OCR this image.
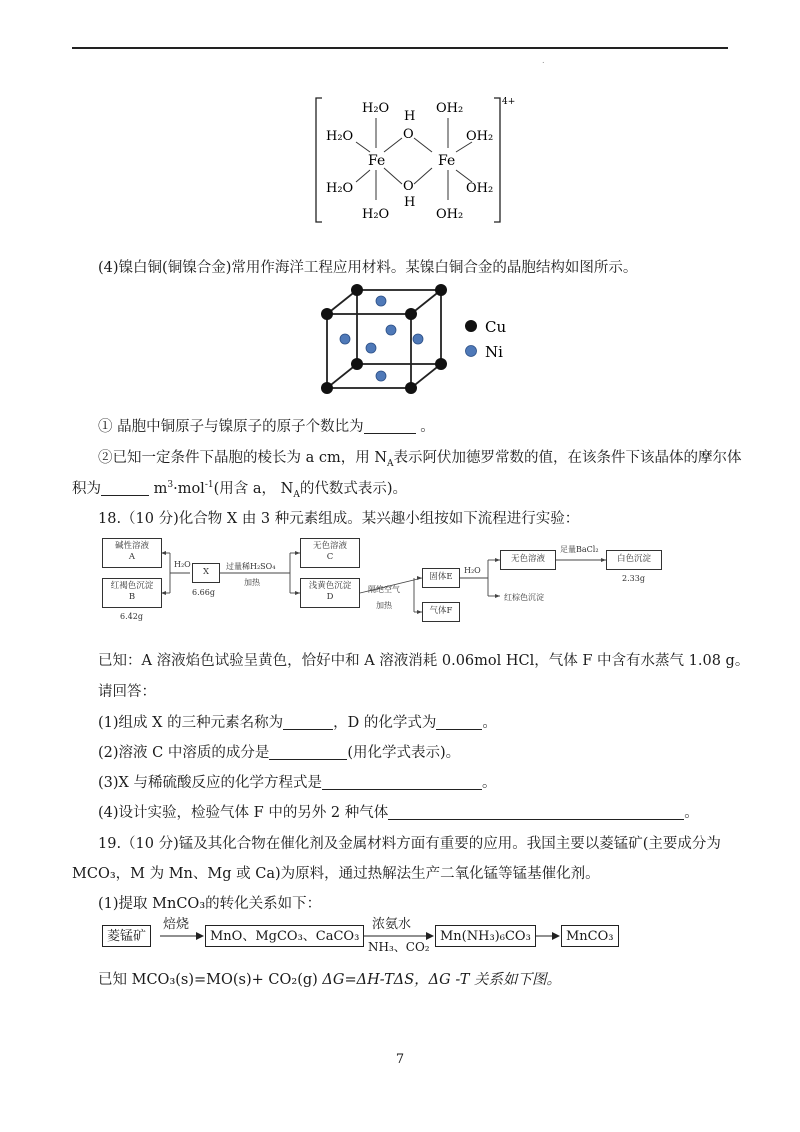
.
4+
H₂O
H₂O
H₂O
H₂O
Fe	Fe
H
O
O
H
OH₂
OH₂
OH₂
OH₂
(4)镍白铜(铜镍合金)常用作海洋工程应用材料。某镍白铜合金的晶胞结构如图所示。
Cu
Ni
① 晶胞中铜原子与镍原子的原子个数比为	。
②已知一定条件下晶胞的棱长为 a cm，用 $N_A$表示阿伏加德罗常数的值，在该条件下该晶体的摩尔体
积为	$m^3\cdot mol^{-1}$(用含 a， $N_A$的代数式表示)。
18.（10 分)化合物 X 由 3 种元素组成。某兴趣小组按如下流程进行实验：
碱性溶液
A
红褐色沉淀
B
6.42g
H₂O
X
6.66g
过量稀H₂SO₄
加热
无色溶液
C
浅黄色沉淀
D
隔绝空气
加热
固体E
气体F
H₂O
无色溶液
足量BaCl₂
白色沉淀
2.33g
红棕色沉淀
已知：A 溶液焰色试验呈黄色，恰好中和 A 溶液消耗 0.06mol HCl，气体 F 中含有水蒸气 1.08 g。
请回答：
(1)组成 X 的三种元素名称为	，D 的化学式为	。
(2)溶液 C 中溶质的成分是	(用化学式表示)。
(3)X 与稀硫酸反应的化学方程式是	。
(4)设计实验，检验气体 F 中的另外 2 种气体	。
19.（10 分)锰及其化合物在催化剂及金属材料方面有重要的应用。我国主要以菱锰矿(主要成分为
MCO₃，M 为 Mn、Mg 或 Ca)为原料，通过热解法生产二氧化锰等锰基催化剂。
(1)提取 MnCO₃的转化关系如下：
菱锰矿
焙烧
MnO、MgCO₃、CaCO₃
浓氨水
NH₃、CO₂
Mn(NH₃)₆CO₃	MnCO₃
已知 MCO₃(s)=MO(s)+ CO₂(g) ΔG=ΔH-TΔS，ΔG -T 关系如下图。
7
